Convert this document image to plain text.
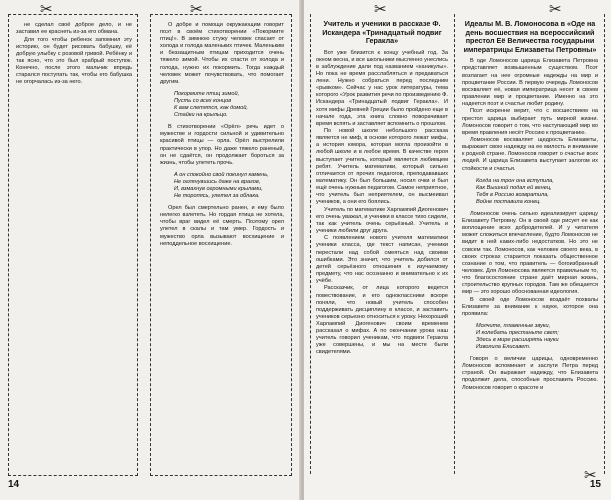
✂	✂

не сделал своё доброе дело, и не заставил ее краснеть из-за его обмана.

Для того чтобы ребенок запомнил эту историю, он будет рисовать бабушку, её добрую улыбку с розовой гривой. Ребёнку и так ясно, что это был храбрый поступок. Конечно, после этого мальчик впредь старался поступать так, чтобы его бабушка не огорчалась из-за него.

О добре и помощи окружающим говорит поэт в своём стихотворении «Покормите птиц!». В зимнюю стужу человек спасает от холода и голода маленьких птичек. Маленьким и беззащитным птицам приходится очень тяжело зимой. Чтобы их спасти от холода и голода, нужно их покормить. Тогда каждый человек может почувствовать, что помогает другим.

Покормите птиц зимой,
Пусть со всех концов
К вам слетятся, как домой,
Стайки на крыльцо.

В стихотворении «Орёл» речь идет о мужестве и гордости сильной и удивительно красивой птицы — орла. Орёл выстрелили практически в упор. Но даже тяжело раненый, он не сдаётся, он продолжает бороться за жизнь, чтобы улететь прочь.

А он спокойно свой покинул камень,
Не оглянувшись даже на врагов,
И, взмахнув огромными крылами,
Не торопясь, улетел за облака.

Орел был смертельно ранен, и ему было нелегко взлететь. Но гордая птица не хотела, чтобы враг видел её смерть. Поэтому орел улетел в скалы и там умер. Гордость и мужество орла вызывают восхищение и неподдельное восхищение.

14
✂	✂
✂
Учитель и ученики в рассказе Ф. Искандера «Тринадцатый подвиг Геракла»

Вот уже близится к концу учебный год. За окном весна, и все школьники мысленно унеслись в заблуждение дали под названием «каникулы». Но пока не время расслабляться и предаваться лени. Нужно собраться перед последним «рывком». Сейчас у нас урок литературы, тема которого «Урок развития речи по произведению Ф. Искандера «Тринадцатый подвиг Геракла». И хотя мифы Древней Греции было пройдено еще в начале года, эта книга словно поворачивает время вспять и заставляет вспомнить о прошлом.

По новой школе небольшого рассказа является не миф, в основе которого лежат мифы, а история юмора, которая могла произойти в любой школе и в любое время. В качестве героя выступает учитель, который является любимцем ребят. Учитель математики, который сильно отличается от прочих педагогов, преподававших математику. Он был большим, носил очки и был ещё очень нужным педагогом. Самое неприятное, что учитель был неприятелем, он высмеивал учеников, а они его боялись.

Учитель по математике Харлампий Диогенович его очень уважал, и ученики в классе тихо сидели, так как учитель очень серьёзный. Учитель и ученики любили друг друга.

С появлением нового учителя математики ученики класса, где текст написан, ученики перестали над собой смеяться над своими ошибками. Это значит, что учитель добился от детей серьёзного отношения к изучаемому предмету, что нас осознанно и внимательно к их учёбе.

Рассказчик, от лица которого ведется повествование, и его одноклассники вскоре поняли, что новый учитель способен поддерживать дисциплину в классе, и заставить учеников серьезно относиться к уроку. Нехороший Харлампий Диогенович своим временем рассказал о мифах. А по окончании урока наш учитель говорил ученикам, что подвиги Геракла уже совершены, и мы на месте были свидетелями.

Идеалы М. В. Ломоносова в «Оде на день восшествия на всероссийский престол Её Величества государыни императрицы Елизаветы Петровны»

В оде Ломоносов царица Елизавета Петровна представляет возвышенным существом. Поэт возлагает на нее огромные надежды на мир и процветание России. В первую очередь Ломоносов восхваляет её, новая императрица несет в своем правлении мир и процветание. Именно на это надеется поэт и счастье любит родину.

Поэт искренне верит, что с восшествием на престол царица выбирает путь мирной жизни. Ломоносов говорит о том, что наступающий мир во время правления несёт Россию к процветанию.

Ломоносов восхваляет щедрость Елизаветы, выражает свою надежду на ее милость и внимание к родной стране. Ломоносов говорит о счастье всех людей. И царица Елизавета выступает залогом их стойкости и счастья.

Когда на трон она вступила,
Как Вышний подал ей венец,
Тебя в Россию возвратила,
Войне поставила конец.

Ломоносов очень сильно идеализирует царицу Елизавету Петровну. Он в своей оде рисует ее как воплощение всех добродетелей. И у читателя может сложиться впечатление, будто Ломоносов не видит в ней каких-либо недостатков. Но это не совсем так. Ломоносов, как человек своего века, в своих строках старается показать общественное сознание о том, что правитель — богоизбранный человек. Для Ломоносова является правильным то, что благосостояние стране даёт мирная жизнь, строительство крупных городов. Там же обещается мир — это хорошо обоснованная идеология.

В своей оде Ломоносов воздаёт похвалы Елизавете за внимание к науке, которое она проявила:

Молчите, пламенные звуки,
И колебать престаньте свет;
Здесь в мире расширять науки
Изволила Елисавет.

Говоря о величии царицы, одновременно Ломоносов вспоминает и заслуги Петра перед страной. Он выражает надежду, что Елизавета продолжит дела, способные прославить Россию. Ломоносов говорит о красоте и

15
